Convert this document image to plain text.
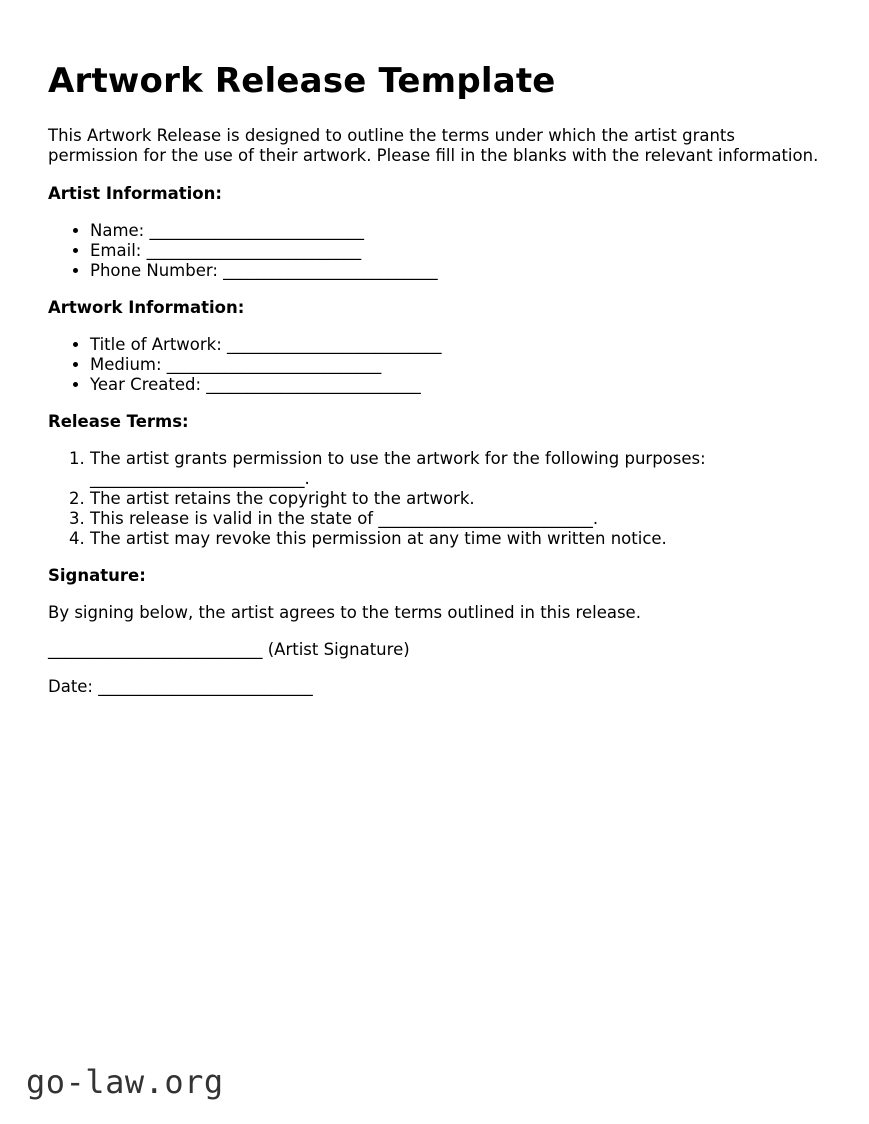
Artwork Release Template

This Artwork Release is designed to outline the terms under which the artist grants permission for the use of their artwork. Please fill in the blanks with the relevant information.

Artist Information:
• Name: __________________________
• Email: __________________________
• Phone Number: __________________________
Artwork Information:
• Title of Artwork: __________________________
• Medium: __________________________
• Year Created: __________________________
Release Terms:
1. The artist grants permission to use the artwork for the following purposes: __________________________.
2. The artist retains the copyright to the artwork.
3. This release is valid in the state of __________________________.
4. The artist may revoke this permission at any time with written notice.
Signature:

By signing below, the artist agrees to the terms outlined in this release.

__________________________ (Artist Signature)

Date: __________________________

go-law.org
